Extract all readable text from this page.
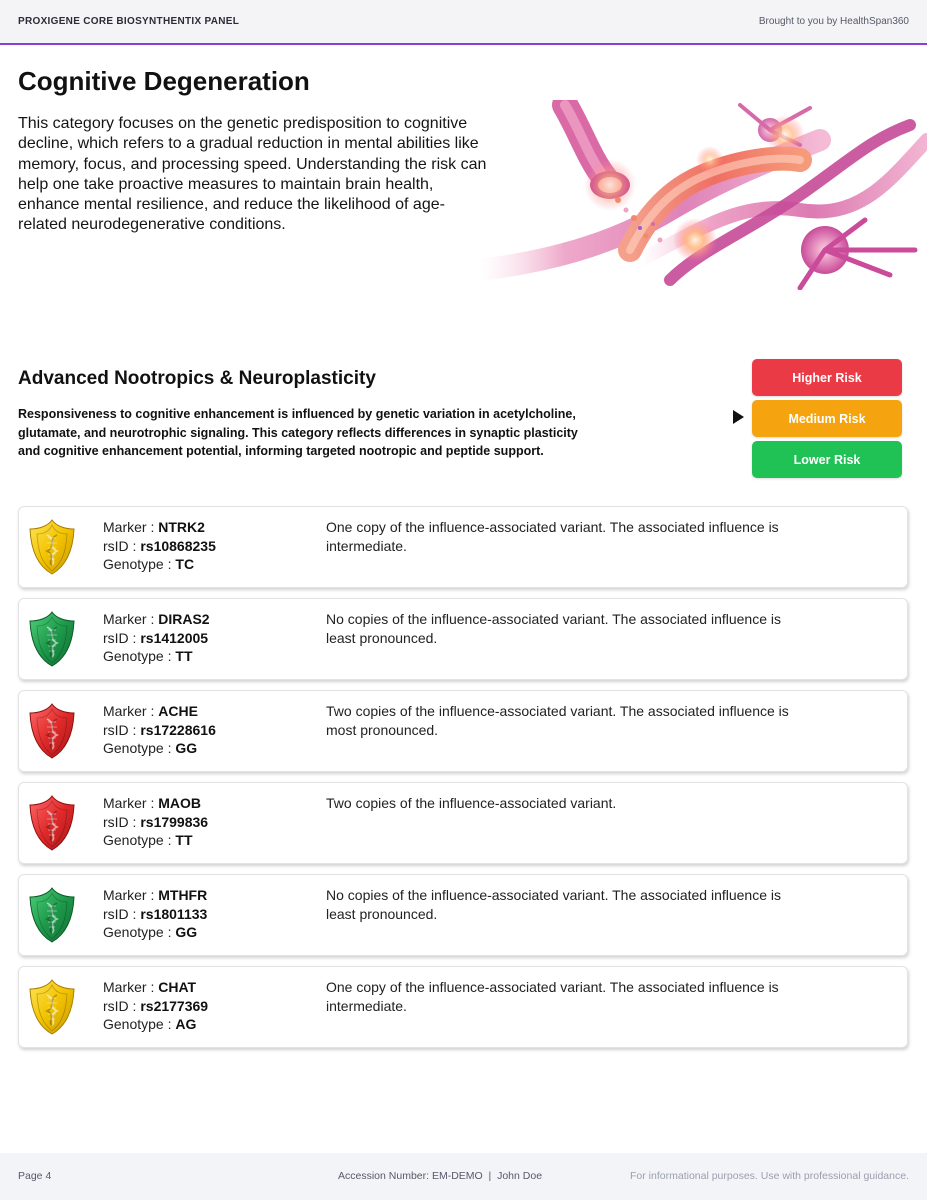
PROXIGENE CORE BIOSYNTHENTIX PANEL	Brought to you by HealthSpan360
Cognitive Degeneration

This category focuses on the genetic predisposition to cognitive decline, which refers to a gradual reduction in mental abilities like memory, focus, and processing speed. Understanding the risk can help one take proactive measures to maintain brain health, enhance mental resilience, and reduce the likelihood of age-related neurodegenerative conditions.

Advanced Nootropics & Neuroplasticity

Responsiveness to cognitive enhancement is influenced by genetic variation in acetylcholine, glutamate, and neurotrophic signaling. This category reflects differences in synaptic plasticity and cognitive enhancement potential, informing targeted nootropic and peptide support.

Higher Risk
Medium Risk
Lower Risk
Marker : NTRK2
rsID : rs10868235
Genotype : TC
One copy of the influence-associated variant. The associated influence is intermediate.
Marker : DIRAS2
rsID : rs1412005
Genotype : TT
No copies of the influence-associated variant. The associated influence is least pronounced.
Marker : ACHE
rsID : rs17228616
Genotype : GG
Two copies of the influence-associated variant. The associated influence is most pronounced.
Marker : MAOB
rsID : rs1799836
Genotype : TT
Two copies of the influence-associated variant.
Marker : MTHFR
rsID : rs1801133
Genotype : GG
No copies of the influence-associated variant. The associated influence is least pronounced.
Marker : CHAT
rsID : rs2177369
Genotype : AG
One copy of the influence-associated variant. The associated influence is intermediate.
Page 4	Accession Number: EM-DEMO  |  John Doe	For informational purposes. Use with professional guidance.
